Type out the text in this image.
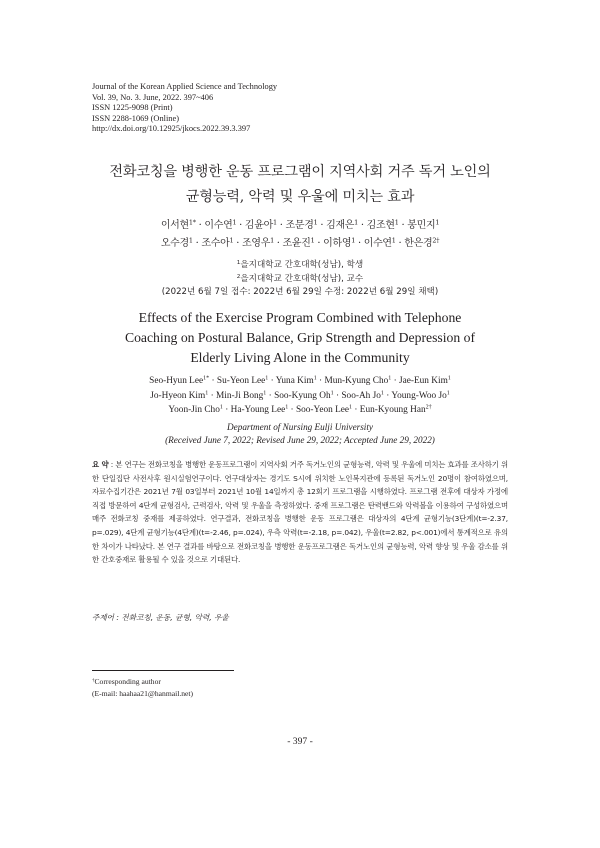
Journal of the Korean Applied Science and Technology
Vol. 39, No. 3. June, 2022. 397~406
ISSN 1225-9098 (Print)
ISSN 2288-1069 (Online)
http://dx.doi.org/10.12925/jkocs.2022.39.3.397
전화코칭을 병행한 운동 프로그램이 지역사회 거주 독거 노인의
균형능력, 악력 및 우울에 미치는 효과
이서현$^{1*}$ · 이수연$^1$ · 김윤아$^1$ · 조문경$^1$ · 김재은$^1$ · 김조현$^1$ · 봉민지$^1$
오수경$^1$ · 조수아$^1$ · 조영우$^1$ · 조윤진$^1$ · 이하영$^1$ · 이수연$^1$ · 한은경$^{2\dagger}$
$^1$을지대학교 간호대학(성남), 학생
$^2$을지대학교 간호대학(성남), 교수
(2022년 6월 7일 접수: 2022년 6월 29일 수정: 2022년 6월 29일 채택)
Effects of the Exercise Program Combined with Telephone
Coaching on Postural Balance, Grip Strength and Depression of
Elderly Living Alone in the Community
Seo-Hyun Lee$^{1*}$ · Su-Yeon Lee$^1$ · Yuna Kim$^1$ · Mun-Kyung Cho$^1$ · Jae-Eun Kim$^1$
Jo-Hyeon Kim$^1$ · Min-Ji Bong$^1$ · Soo-Kyung $Oh^1 \cdot Soo-Ah$ $Jo^1$ · Young-Woo Jo$^1$
Yoon-Jin Cho$^1$ · Ha-Young Lee$^1$ · Soo-Yeon Lee$^1$ · Eun-Kyoung Han$^{2\dagger}$
Department of Nursing Eulji University
(Received June 7, 2022; Revised June 29, 2022; Accepted June 29, 2022)
요 약 : 본 연구는 전화코칭을 병행한 운동프로그램이 지역사회 거주 독거노인의 균형능력, 악력 및 우울에 미치는 효과를 조사하기 위한 단일집단 사전사후 원시실험연구이다. 연구대상자는 경기도 S시에 위치한 노인복지관에 등록된 독거노인 20명이 참여하였으며, 자료수집기간은 2021년 7월 03일부터 2021년 10월 14일까지 총 12회기 프로그램을 시행하였다. 프로그램 전후에 대상자 가정에 직접 방문하여 4단계 균형검사, 근력검사, 악력 및 우울을 측정하였다. 중재 프로그램은 탄력밴드와 악력볼을 이용하여 구성하였으며 매주 전화코칭 중재를 제공하였다. 연구결과, 전화코칭을 병행한 운동 프로그램은 대상자의 4단계 균형기능(3단계)(t=-2.37, p=.029), 4단계 균형기능(4단계)(t=-2.46, p=.024), 우측 악력(t=-2.18, p=.042), 우울(t=2.82, p<.001)에서 통계적으로 유의한 차이가 나타났다. 본 연구 결과를 바탕으로 전화코칭을 병행한 운동프로그램은 독거노인의 균형능력, 악력 향상 및 우울 감소를 위한 간호중재로 활용될 수 있을 것으로 기대된다.
주제어 : 전화코칭, 운동, 균형, 악력, 우울
†Corresponding author
(E-mail: haahaa21@hanmail.net)
- 397 -
